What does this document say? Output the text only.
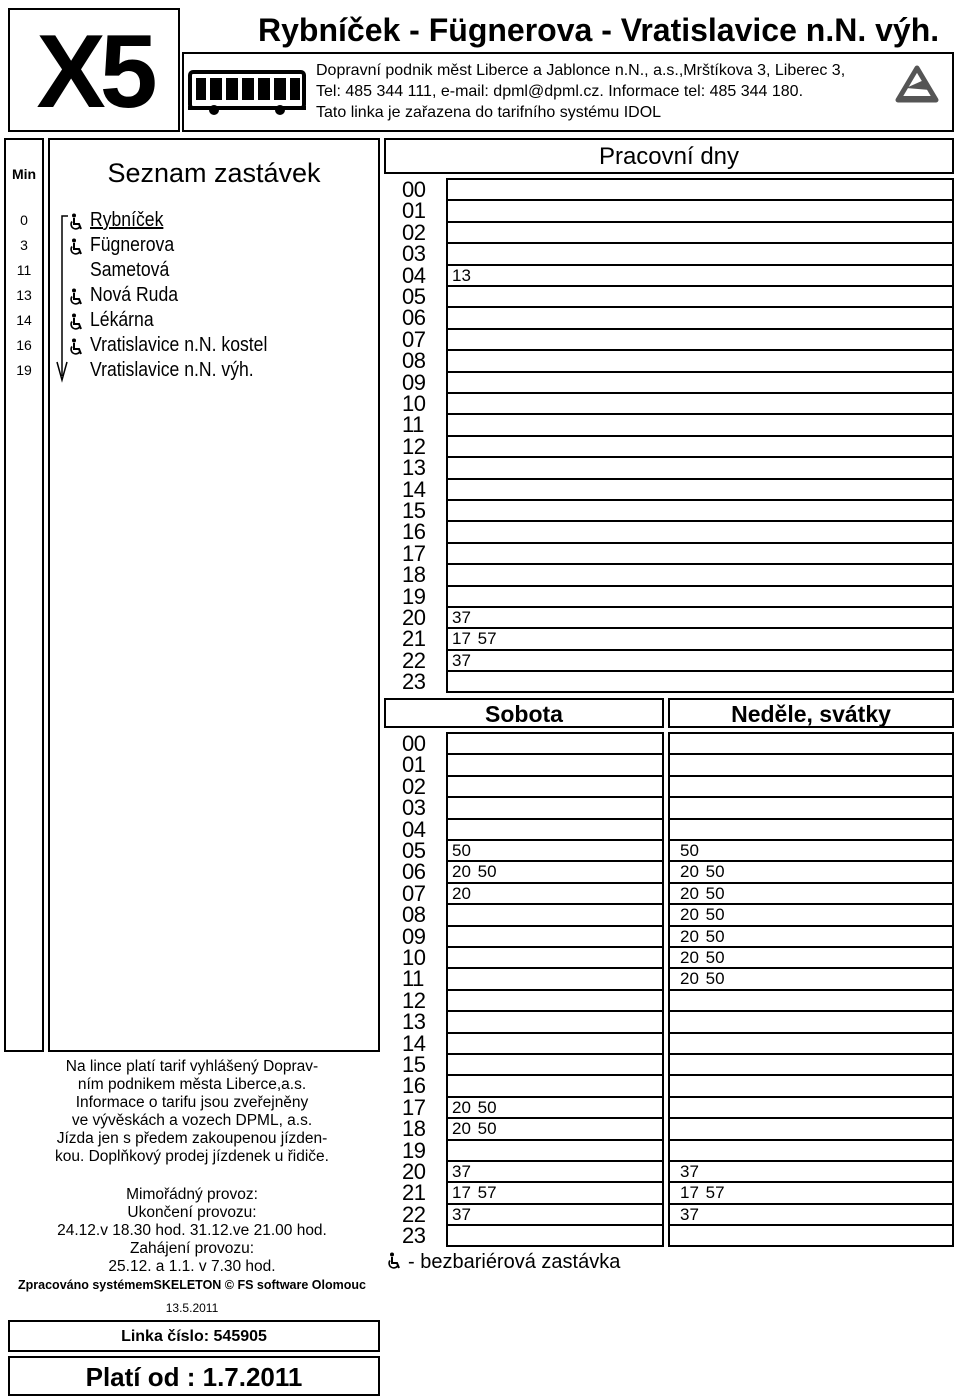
X5	Rybníček - Fügnerova - Vratislavice n.N. výh.
Dopravní podnik měst Liberce a Jablonce n.N., a.s.,Mrštíkova 3, Liberec 3,
Tel: 485 344 111, e-mail: dpml@dpml.cz. Informace tel: 485 344 180.
Tato linka je zařazena do tarifního systému IDOL
Min
0
3
11
13
14
16
19
Seznam zastávek
Rybníček
Fügnerova
Sametová
Nová Ruda
Lékárna
Vratislavice n.N. kostel
Vratislavice n.N. výh.

Na lince platí tarif vyhlášený Doprav-

ním podnikem města Liberce,a.s.

Informace o tarifu jsou zveřejněny

ve vývěskách a vozech DPML, a.s.

Jízda jen s předem zakoupenou jízden-

kou. Doplňkový prodej jízdenek u řidiče.

Mimořádný provoz:

Ukončení provozu:

24.12.v 18.30 hod. 31.12.ve 21.00 hod.

Zahájení provozu:

25.12. a 1.1. v 7.30 hod.

Zpracováno systémemSKELETON © FS software Olomouc
13.5.2011
Linka číslo: 545905
Platí od : 1.7.2011
Pracovní dny
Sobota	Neděle, svátky
00
01
02
03
04 13
05
06
07
08
09
10
11
12
13
14
15
16
17
18
19
20 37
21 17 57
22 37
23
00
01
02
03
04
05 50
06 20 50
07 20
08
09
10
11
12
13
14
15
16
17 20 50
18 20 50
19
20 37
21 17 57
22 37
23
50
20 50
20 50
20 50
20 50
20 50
20 50
37
17 57
37
- bezbariérová zastávka
